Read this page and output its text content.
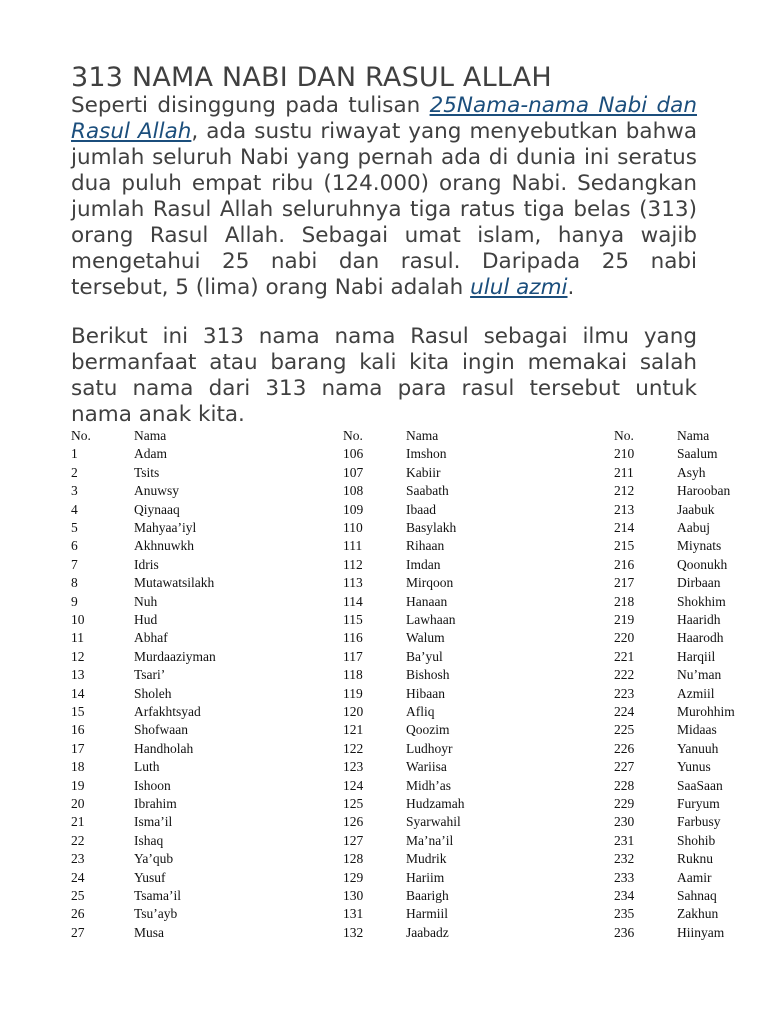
313 NAMA NABI DAN RASUL ALLAH

Seperti disinggung pada tulisan 25Nama-nama Nabi dan Rasul Allah, ada sustu riwayat yang menyebutkan bahwa jumlah seluruh Nabi yang pernah ada di dunia ini seratus dua puluh empat ribu (124.000) orang Nabi. Sedangkan jumlah Rasul Allah seluruhnya tiga ratus tiga belas (313) orang Rasul Allah. Sebagai umat islam, hanya wajib mengetahui 25 nabi dan rasul. Daripada 25 nabi tersebut, 5 (lima) orang Nabi adalah ulul azmi.

Berikut ini 313 nama nama Rasul sebagai ilmu yang bermanfaat atau barang kali kita ingin memakai salah satu nama dari 313 nama para rasul tersebut untuk nama anak kita.

No.	Nama
1	Adam
2	Tsits
3	Anuwsy
4	Qiynaaq
5	Mahyaa’iyl
6	Akhnuwkh
7	Idris
8	Mutawatsilakh
9	Nuh
10	Hud
11	Abhaf
12	Murdaaziyman
13	Tsari’
14	Sholeh
15	Arfakhtsyad
16	Shofwaan
17	Handholah
18	Luth
19	Ishoon
20	Ibrahim
21	Isma’il
22	Ishaq
23	Ya’qub
24	Yusuf
25	Tsama’il
26	Tsu’ayb
27	Musa
No.	Nama
106	Imshon
107	Kabiir
108	Saabath
109	Ibaad
110	Basylakh
111	Rihaan
112	Imdan
113	Mirqoon
114	Hanaan
115	Lawhaan
116	Walum
117	Ba’yul
118	Bishosh
119	Hibaan
120	Afliq
121	Qoozim
122	Ludhoyr
123	Wariisa
124	Midh’as
125	Hudzamah
126	Syarwahil
127	Ma’na’il
128	Mudrik
129	Hariim
130	Baarigh
131	Harmiil
132	Jaabadz
No.	Nama
210	Saalum
211	Asyh
212	Harooban
213	Jaabuk
214	Aabuj
215	Miynats
216	Qoonukh
217	Dirbaan
218	Shokhim
219	Haaridh
220	Haarodh
221	Harqiil
222	Nu’man
223	Azmiil
224	Murohhim
225	Midaas
226	Yanuuh
227	Yunus
228	SaaSaan
229	Furyum
230	Farbusy
231	Shohib
232	Ruknu
233	Aamir
234	Sahnaq
235	Zakhun
236	Hiinyam
